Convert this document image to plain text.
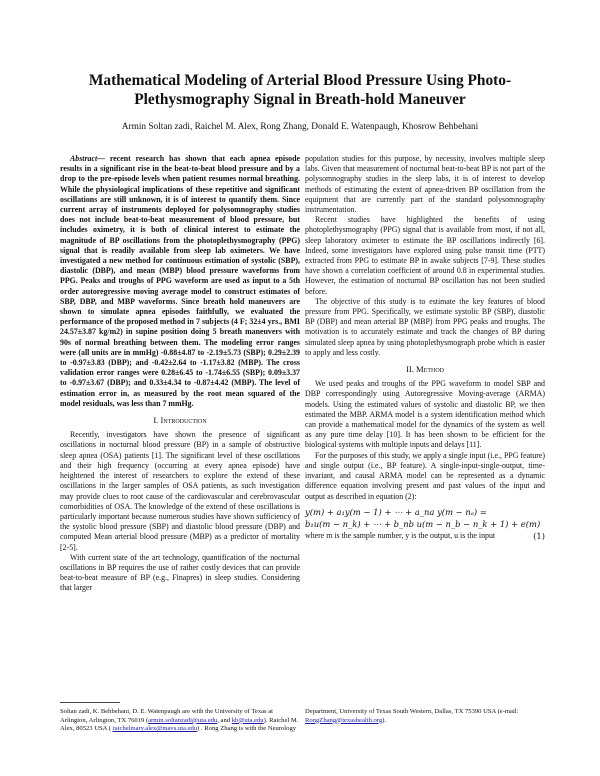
Mathematical Modeling of Arterial Blood Pressure Using Photo-Plethysmography Signal in Breath-hold Maneuver
Armin Soltan zadi, Raichel M. Alex, Rong Zhang, Donald E. Watenpaugh, Khosrow Behbehani

Abstract— recent research has shown that each apnea episode results in a significant rise in the beat-to-beat blood pressure and by a drop to the pre-episode levels when patient resumes normal breathing. While the physiological implications of these repetitive and significant oscillations are still unknown, it is of interest to quantify them. Since current array of instruments deployed for polysomnography studies does not include beat-to-beat measurement of blood pressure, but includes oximetry, it is both of clinical interest to estimate the magnitude of BP oscillations from the photoplethysmography (PPG) signal that is readily available from sleep lab oximeters. We have investigated a new method for continuous estimation of systolic (SBP), diastolic (DBP), and mean (MBP) blood pressure waveforms from PPG. Peaks and troughs of PPG waveform are used as input to a 5th order autoregressive moving average model to construct estimates of SBP, DBP, and MBP waveforms. Since breath hold maneuvers are shown to simulate apnea episodes faithfully, we evaluated the performance of the proposed method in 7 subjects (4 F; 32±4 yrs., BMI 24.57±3.87 kg/m2) in supine position doing 5 breath maneuvers with 90s of normal breathing between them. The modeling error ranges were (all units are in mmHg) -0.88±4.87 to -2.19±5.73 (SBP); 0.29±2.39 to -0.97±3.83 (DBP); and -0.42±2.64 to -1.17±3.82 (MBP). The cross validation error ranges were 0.28±6.45 to -1.74±6.55 (SBP); 0.09±3.37 to -0.97±3.67 (DBP); and 0.33±4.34 to -0.87±4.42 (MBP). The level of estimation error in, as measured by the root mean squared of the model residuals, was less than 7 mmHg.

I. Introduction

Recently, investigators have shown the presence of significant oscillations in nocturnal blood pressure (BP) in a sample of obstructive sleep apnea (OSA) patients [1]. The significant level of these oscillations and their high frequency (occurring at every apnea episode) have heightened the interest of researchers to explore the extend of these oscillations in the larger samples of OSA patients, as such investigation may provide clues to root cause of the cardiovascular and cerebrovascular comorbidities of OSA. The knowledge of the extend of these oscillations is particularly important because numerous studies have shown sufficiency of the systolic blood pressure (SBP) and diastolic blood pressure (DBP) and computed Mean arterial blood pressure (MBP) as a predictor of mortality [2-5].

With current state of the art technology, quantification of the nocturnal oscillations in BP requires the use of rather costly devices that can provide beat-to-beat measure of BP (e.g., Finapres) in sleep studies. Considering that larger

population studies for this purpose, by necessity, involves multiple sleep labs. Given that measurement of nocturnal beat-to-beat BP is not part of the polysomnography studies in the sleep labs, it is of interest to develop methods of estimating the extent of apnea-driven BP oscillation from the equipment that are currently part of the standard polysomnography instrumentation.

Recent studies have highlighted the benefits of using photoplethysmography (PPG) signal that is available from most, if not all, sleep laboratory oximeter to estimate the BP oscillations indirectly [6]. Indeed, some investigators have explored using pulse transit time (PTT) extracted from PPG to estimate BP in awake subjects [7-9]. These studies have shown a correlation coefficient of around 0.8 in experimental studies. However, the estimation of nocturnal BP oscillation has not been studied before.

The objective of this study is to estimate the key features of blood pressure from PPG. Specifically, we estimate systolic BP (SBP), diastolic BP (DBP) and mean arterial BP (MBP) from PPG peaks and troughs. The motivation is to accurately estimate and track the changes of BP during simulated sleep apnea by using photoplethysmograph probe which is easier to apply and less costly.

II. Method

We used peaks and troughs of the PPG waveform to model SBP and DBP correspondingly using Autoregressive Moving-average (ARMA) models. Using the estimated values of systolic and diastolic BP, we then estimated the MBP. ARMA model is a system identification method which can provide a mathematical model for the dynamics of the system as well as any pure time delay [10]. It has been shown to be efficient for the biological systems with multiple inputs and delays [11].

For the purposes of this study, we apply a single input (i.e., PPG feature) and single output (i.e., BP feature). A single-input-single-output, time-invariant, and causal ARMA model can be represented as a dynamic difference equation involving present and past values of the input and output as described in equation (2):

y(m) + a₁y(m − 1) + ⋯ + a_na y(m − nₐ) =
b₁u(m − n_k) + ⋯ + b_nb u(m − n_b − n_k + 1) + e(m)
(1)

where m is the sample number, y is the output, u is the input

Soltan zadi, K. Behbehani, D. E. Watenpaugh are with the University of Texas at Arlington, Arlington, TX 76019 (armin.soltanzadi@uta.edu, and kb@uta.edu). Raichel M. Alex, 80523 USA ( raichelmary.alex@mavs.uta.edu) . Rong Zhang is with the Neurology
Department, University of Texas South Western, Dallas, TX 75390 USA (e-mail: RongZhang@texashealth.org).
